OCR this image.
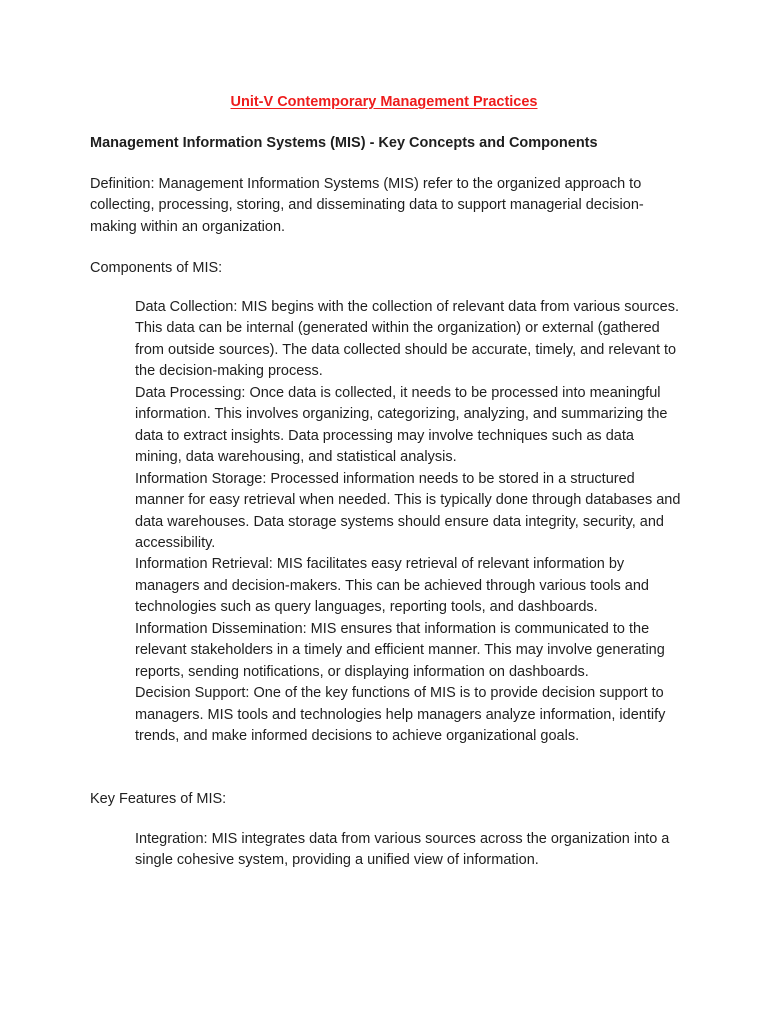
Unit-V Contemporary Management Practices
Management Information Systems (MIS) - Key Concepts and Components

Definition: Management Information Systems (MIS) refer to the organized approach to collecting, processing, storing, and disseminating data to support managerial decision-making within an organization.

Components of MIS:

Data Collection: MIS begins with the collection of relevant data from various sources. This data can be internal (generated within the organization) or external (gathered from outside sources). The data collected should be accurate, timely, and relevant to the decision-making process.
Data Processing: Once data is collected, it needs to be processed into meaningful information. This involves organizing, categorizing, analyzing, and summarizing the data to extract insights. Data processing may involve techniques such as data mining, data warehousing, and statistical analysis.
Information Storage: Processed information needs to be stored in a structured manner for easy retrieval when needed. This is typically done through databases and data warehouses. Data storage systems should ensure data integrity, security, and accessibility.
Information Retrieval: MIS facilitates easy retrieval of relevant information by managers and decision-makers. This can be achieved through various tools and technologies such as query languages, reporting tools, and dashboards.
Information Dissemination: MIS ensures that information is communicated to the relevant stakeholders in a timely and efficient manner. This may involve generating reports, sending notifications, or displaying information on dashboards.
Decision Support: One of the key functions of MIS is to provide decision support to managers. MIS tools and technologies help managers analyze information, identify trends, and make informed decisions to achieve organizational goals.

Key Features of MIS:

Integration: MIS integrates data from various sources across the organization into a single cohesive system, providing a unified view of information.
